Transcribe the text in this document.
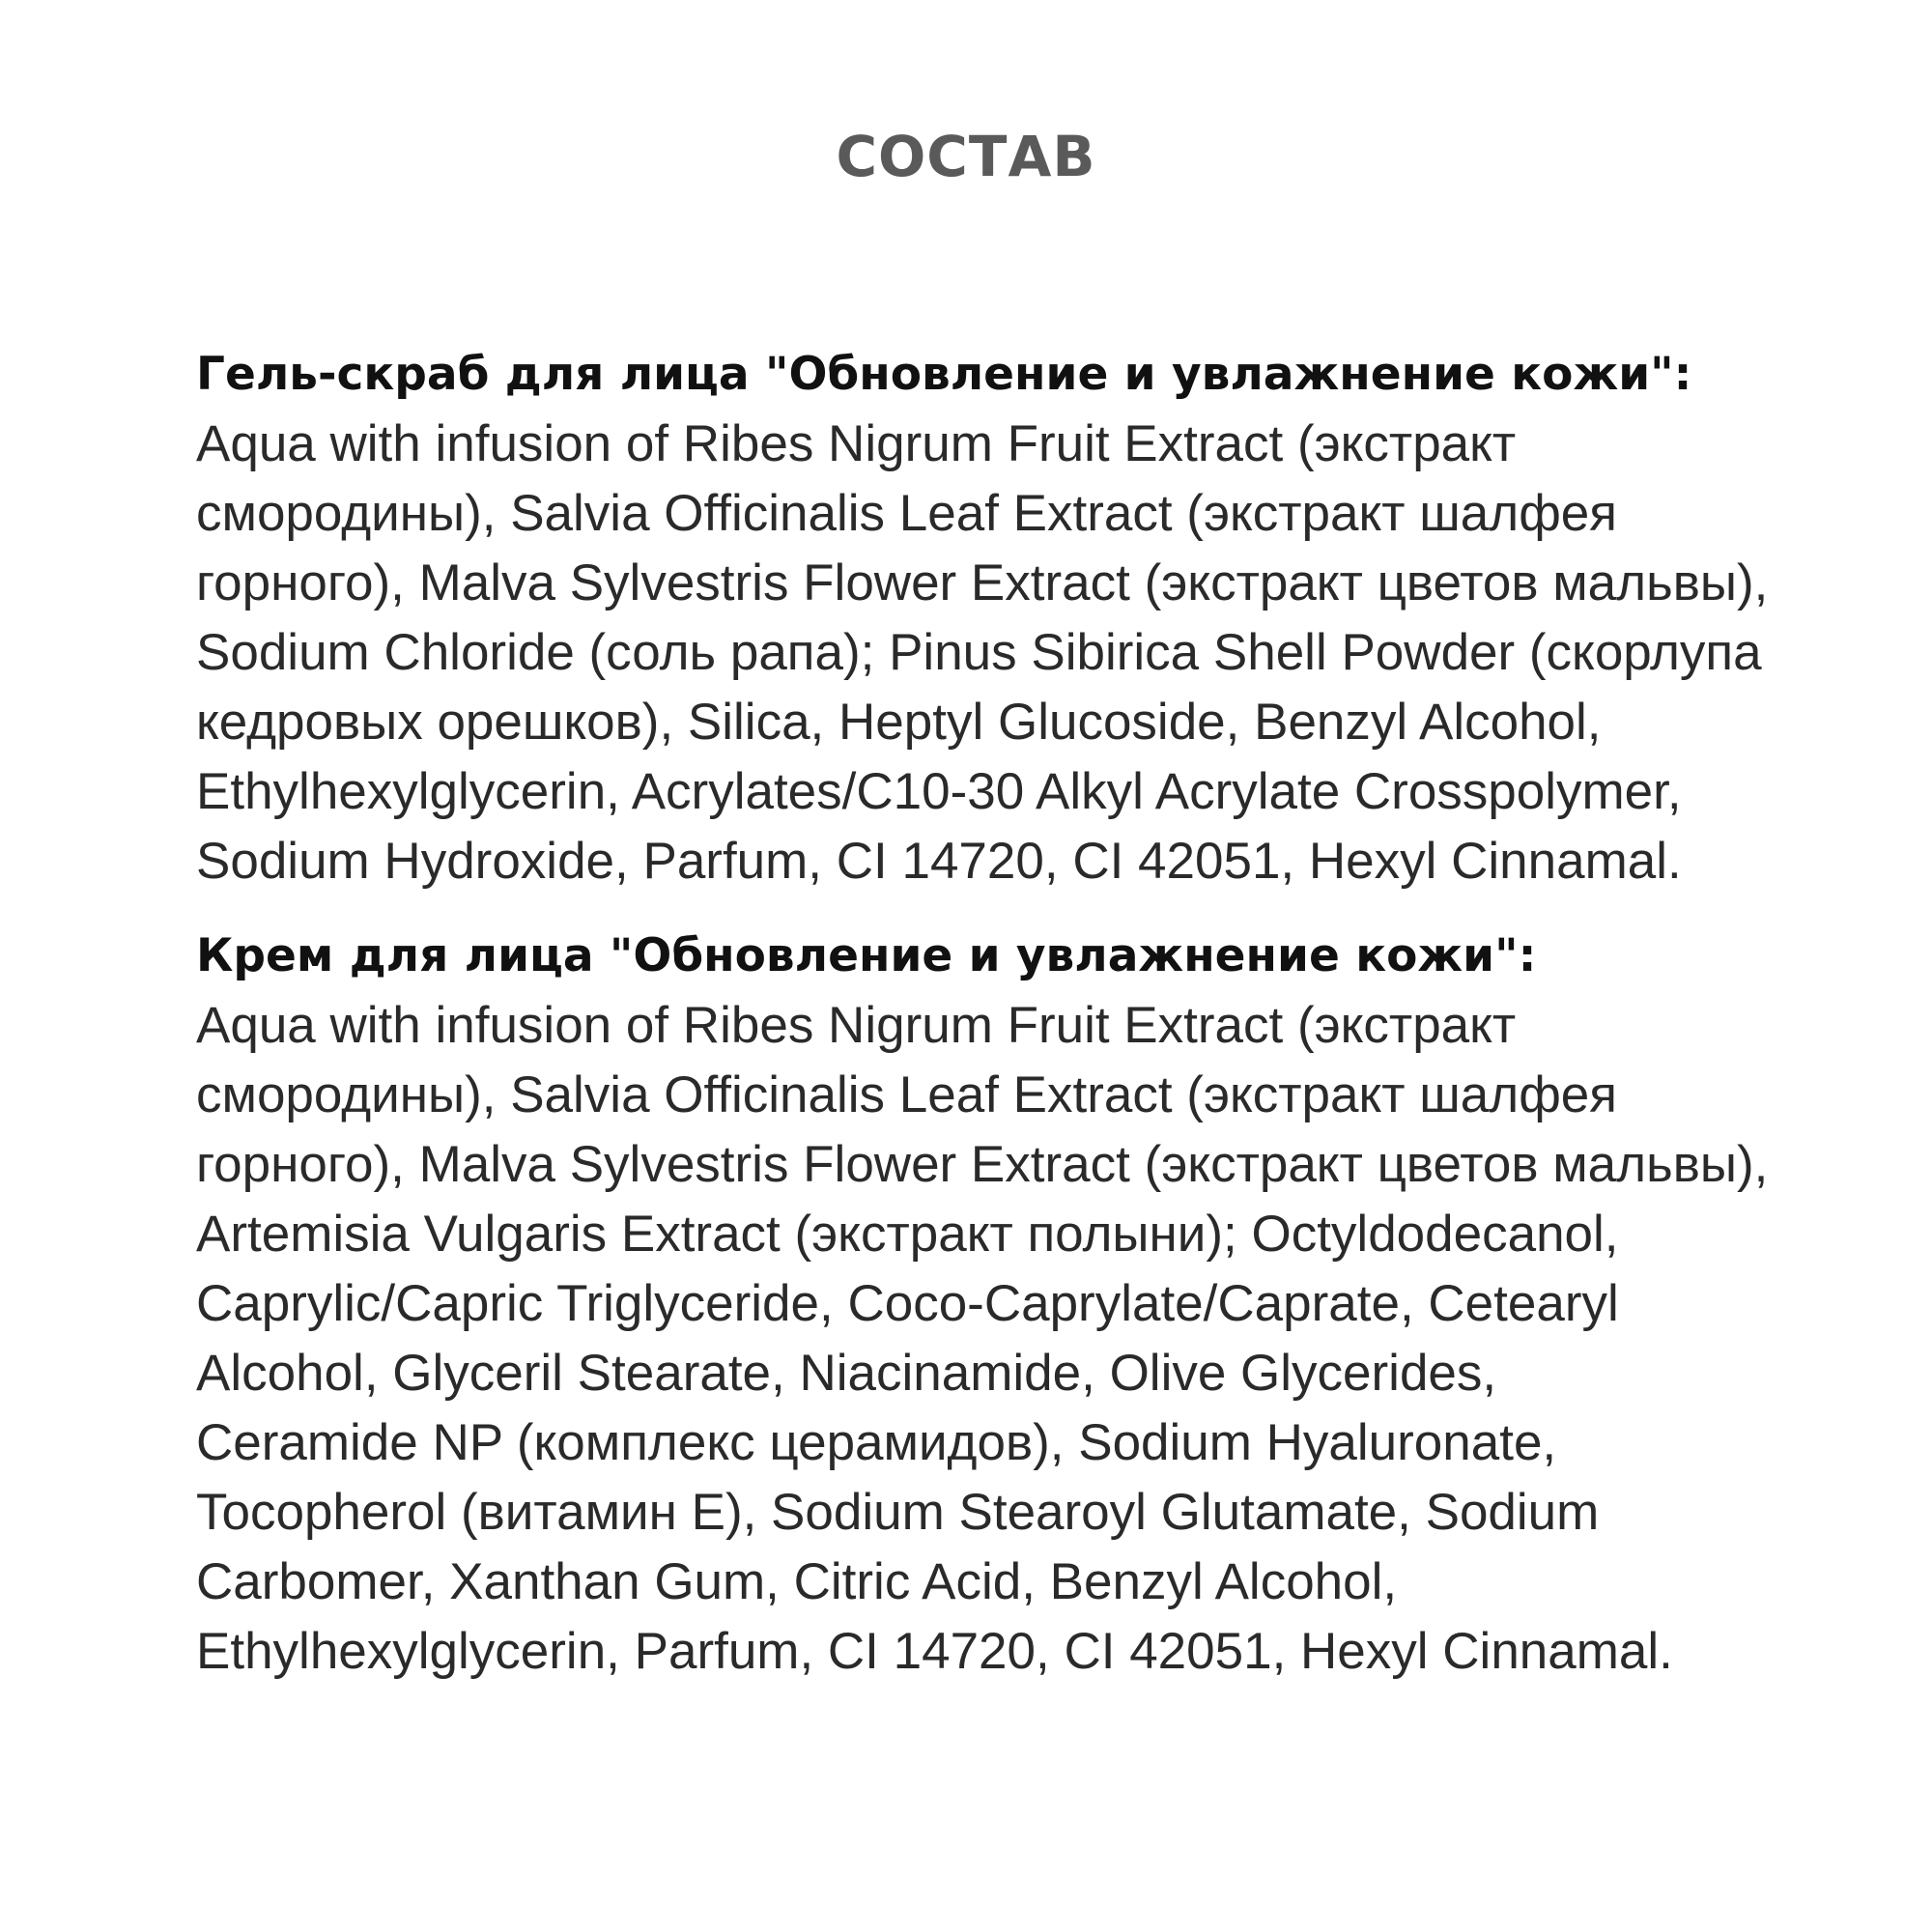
СОСТАВ
Гель-скраб для лица "Обновление и увлажнение кожи":
Aqua with infusion of Ribes Nigrum Fruit Extract (экстракт
смородины), Salvia Officinalis Leaf Extract (экстракт шалфея
горного), Malva Sylvestris Flower Extract (экстракт цветов мальвы),
Sodium Chloride (соль рапа); Pinus Sibirica Shell Powder (скорлупа
кедровых орешков), Silica, Heptyl Glucoside, Benzyl Alcohol,
Ethylhexylglycerin, Acrylates/C10-30 Alkyl Acrylate Crosspolymer,
Sodium Hydroxide, Parfum, CI 14720, CI 42051, Hexyl Cinnamal.
Крем для лица "Обновление и увлажнение кожи":
Aqua with infusion of Ribes Nigrum Fruit Extract (экстракт
смородины), Salvia Officinalis Leaf Extract (экстракт шалфея
горного), Malva Sylvestris Flower Extract (экстракт цветов мальвы),
Artemisia Vulgaris Extract (экстракт полыни); Octyldodecanol,
Caprylic/Capric Triglyceride, Coco-Caprylate/Caprate, Cetearyl
Alcohol, Glyceril Stearate, Niacinamide, Olive Glycerides,
Ceramide NP (комплекс церамидов), Sodium Hyaluronate,
Tocopherol (витамин Е), Sodium Stearoyl Glutamate, Sodium
Carbomer, Xanthan Gum, Citric Acid, Benzyl Alcohol,
Ethylhexylglycerin, Parfum, CI 14720, CI 42051, Hexyl Cinnamal.
